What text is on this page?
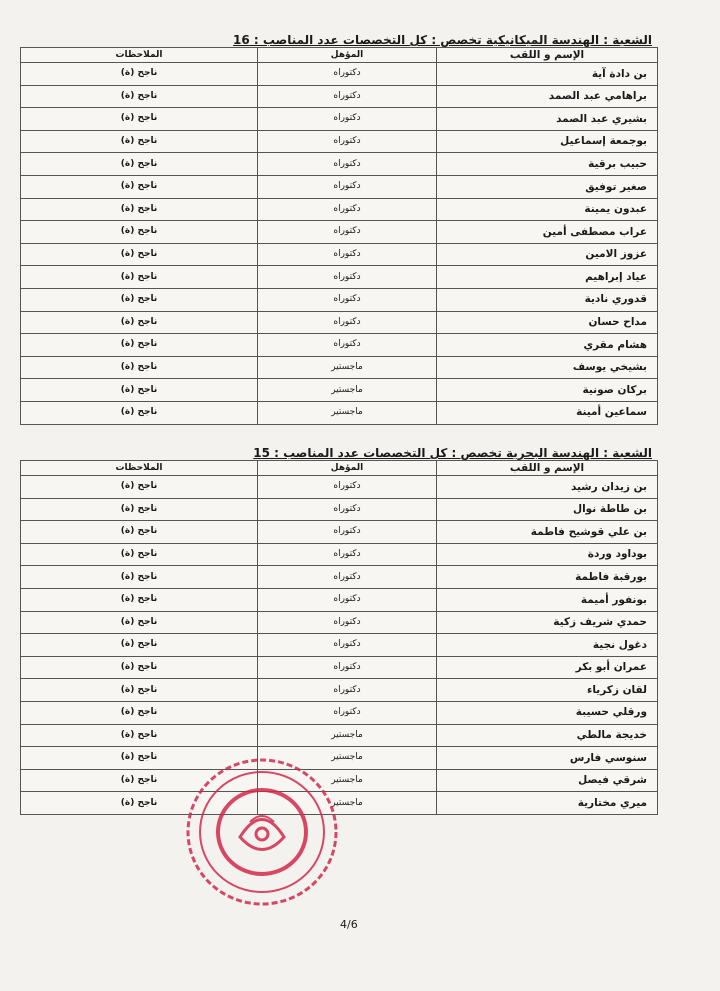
الشعبة : الهندسة الميكانيكية تخصص : كل التخصصات عدد المناصب : 16
الإسم و اللقب	المؤهل	الملاحظات
بن دادة آية	دكتوراه	ناجح (ة)
براهامي عبد الصمد	دكتوراه	ناجح (ة)
بشيري عبد الصمد	دكتوراه	ناجح (ة)
بوجمعة إسماعيل	دكتوراه	ناجح (ة)
حبيب برقية	دكتوراه	ناجح (ة)
صغير توفيق	دكتوراه	ناجح (ة)
عبدون يمينة	دكتوراه	ناجح (ة)
عراب مصطفى أمين	دكتوراه	ناجح (ة)
عزوز الامين	دكتوراه	ناجح (ة)
عياد إبراهيم	دكتوراه	ناجح (ة)
قدوري نادية	دكتوراه	ناجح (ة)
مداح حسان	دكتوراه	ناجح (ة)
هشام مقري	دكتوراه	ناجح (ة)
بشيخي يوسف	ماجستير	ناجح (ة)
بركان صونية	ماجستير	ناجح (ة)
سماعين أمينة	ماجستير	ناجح (ة)
الشعبة : الهندسة البحرية تخصص : كل التخصصات عدد المناصب : 15
الإسم و اللقب	المؤهل	الملاحظات
بن زيدان رشيد	دكتوراه	ناجح (ة)
بن طاطة نوال	دكتوراه	ناجح (ة)
بن علي قوشيح فاطمة	دكتوراه	ناجح (ة)
بوداود وردة	دكتوراه	ناجح (ة)
بورقبة فاطمة	دكتوراه	ناجح (ة)
بونفور أميمة	دكتوراه	ناجح (ة)
حمدي شريف زكية	دكتوراه	ناجح (ة)
دغول نجية	دكتوراه	ناجح (ة)
عمران أبو بكر	دكتوراه	ناجح (ة)
لقان زكرياء	دكتوراه	ناجح (ة)
ورقلي حسيبة	دكتوراه	ناجح (ة)
خديجة مالطي	ماجستير	ناجح (ة)
سنوسي فارس	ماجستير	ناجح (ة)
شرقي فيصل	ماجستير	ناجح (ة)
ميري مختارية	ماجستير	ناجح (ة)
4/6
